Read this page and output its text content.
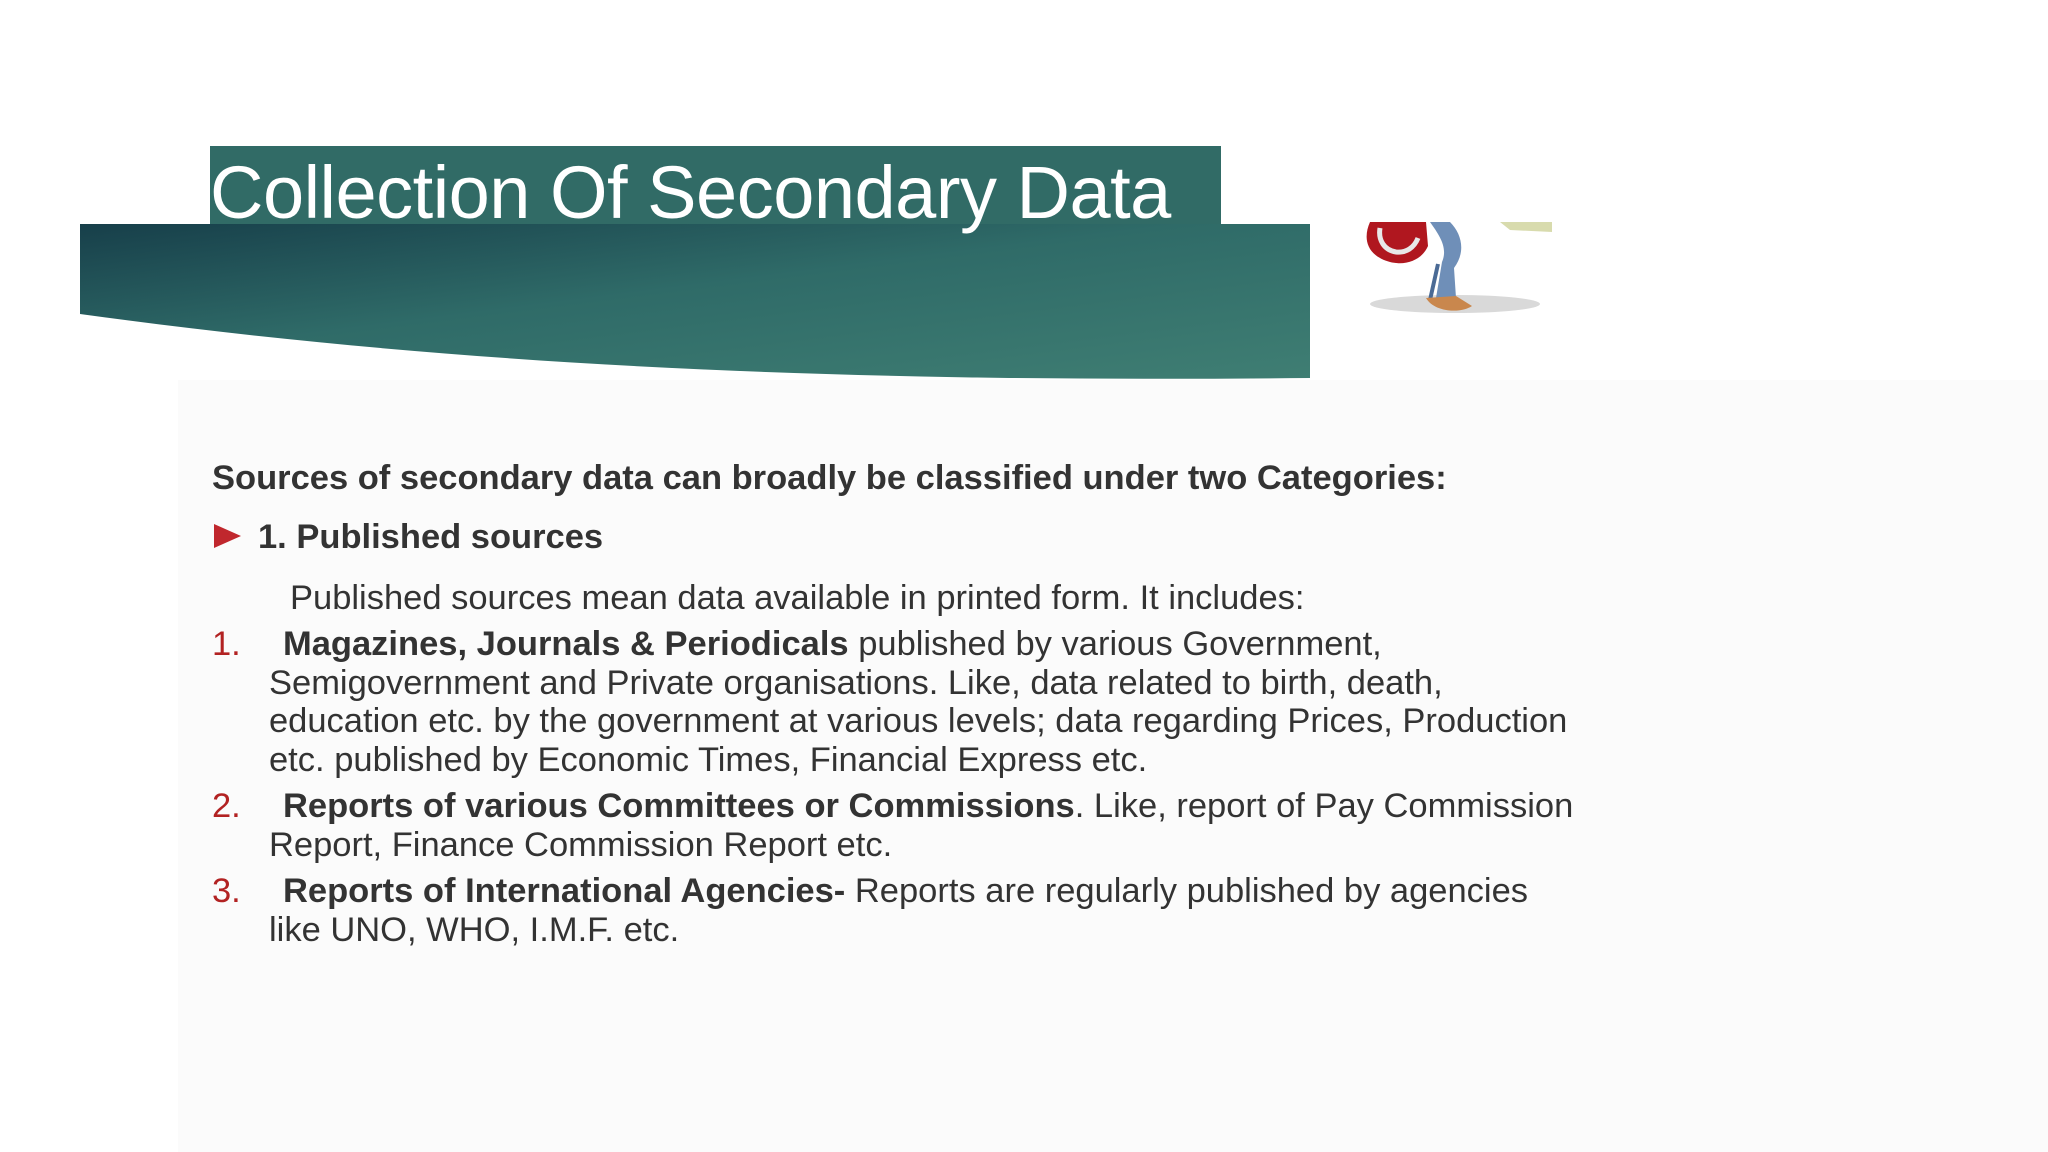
Collection Of Secondary Data
Sources of secondary data can broadly be classified under two Categories:
1. Published sources
Published sources mean data available in printed form. It includes:
1. Magazines, Journals & Periodicals published by various Government,
Semigovernment and Private organisations. Like, data related to birth, death,
education etc. by the government at various levels; data regarding Prices, Production
etc. published by Economic Times, Financial Express etc.
2. Reports of various Committees or Commissions. Like, report of Pay Commission
Report, Finance Commission Report etc.
3. Reports of International Agencies- Reports are regularly published by agencies
like UNO, WHO, I.M.F. etc.
